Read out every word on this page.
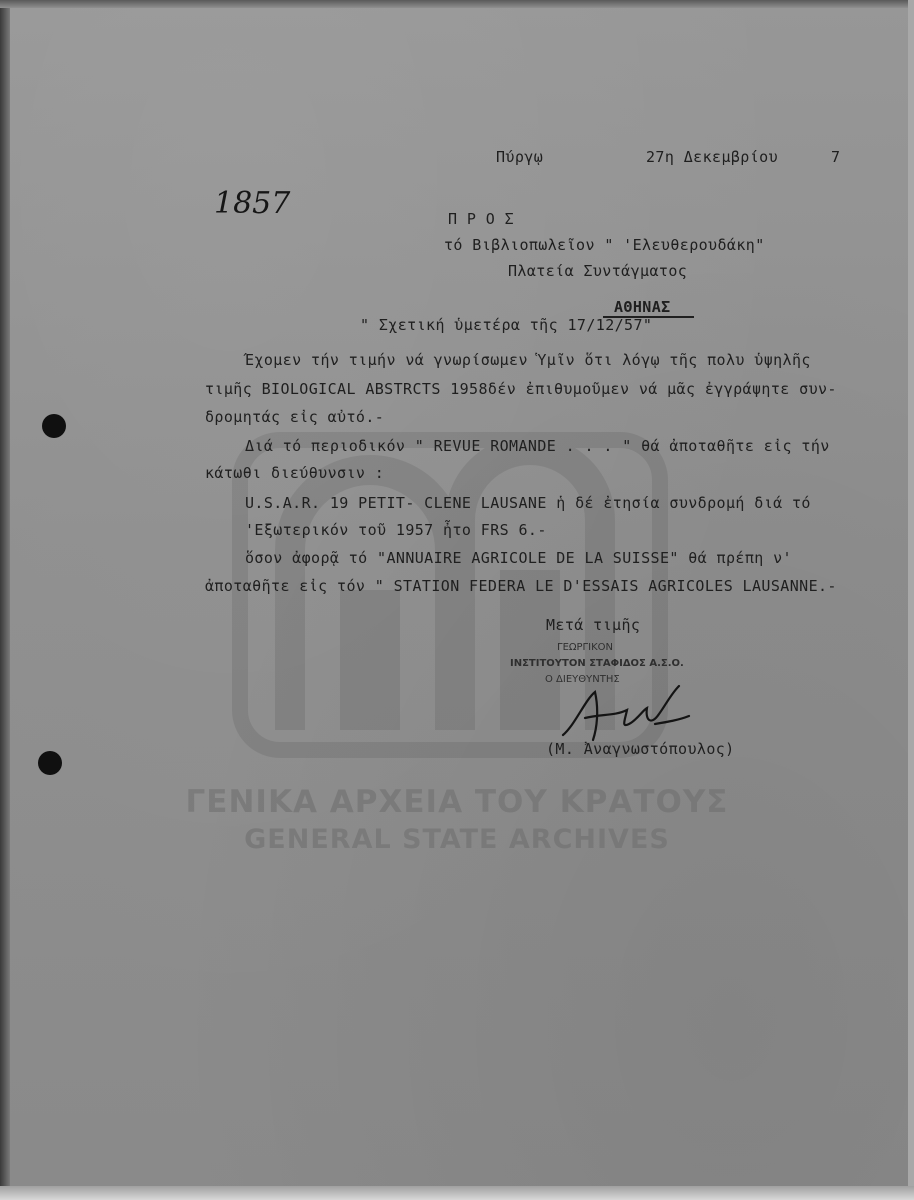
ΓΕΝΙΚΑ ΑΡΧΕΙΑ ΤΟΥ ΚΡΑΤΟΥΣ
GENERAL STATE ARCHIVES
Πύργῳ	27η Δεκεμβρίου	7
1857	Π Ρ Ο Σ
τό Βιβλιοπωλεῖον " 'Ελευθερουδάκη"
Πλατεία Συντάγματος
ΑΘΗΝΑΣ
" Σχετική ὑμετέρα τῆς 17/12/57"
Έχομεν τήν τιμήν νά γνωρίσωμεν Ὑμῖν ὅτι λόγῳ τῆς πολυ ὑψηλῆς
τιμῆς BIOLOGICAL ABSTRCTS 1958δέν ἐπιθυμοῦμεν νά μᾶς ἐγγράψητε συν-
δρομητάς εἰς αὐτό.-
Διά τό περιοδικόν " REVUE ROMANDE . . . " θά ἀποταθῆτε εἰς τήν
κάτωθι διεύθυνσιν :
U.S.A.R. 19 PETIT- CLENE LAUSANE ἡ δέ ἐτησία συνδρομή διά τό
'Εξωτερικόν τοῦ 1957 ἦτο FRS 6.-
ὅσον ἀφορᾷ τό "ANNUAIRE AGRICOLE DE LA SUISSE" θά πρέπη ν'
ἀποταθῆτε εἰς τόν " STATION FEDERA LE D'ESSAIS AGRICOLES LAUSANNE.-
Μετά τιμῆς
ΓΕΩΡΓΙΚΟΝ
ΙΝΣΤΙΤΟΥΤΟΝ ΣΤΑΦΙΔΟΣ Α.Σ.Ο.
Ο ΔΙΕΥΘΥΝΤΗΣ
(Μ. Ἀναγνωστόπουλος)
